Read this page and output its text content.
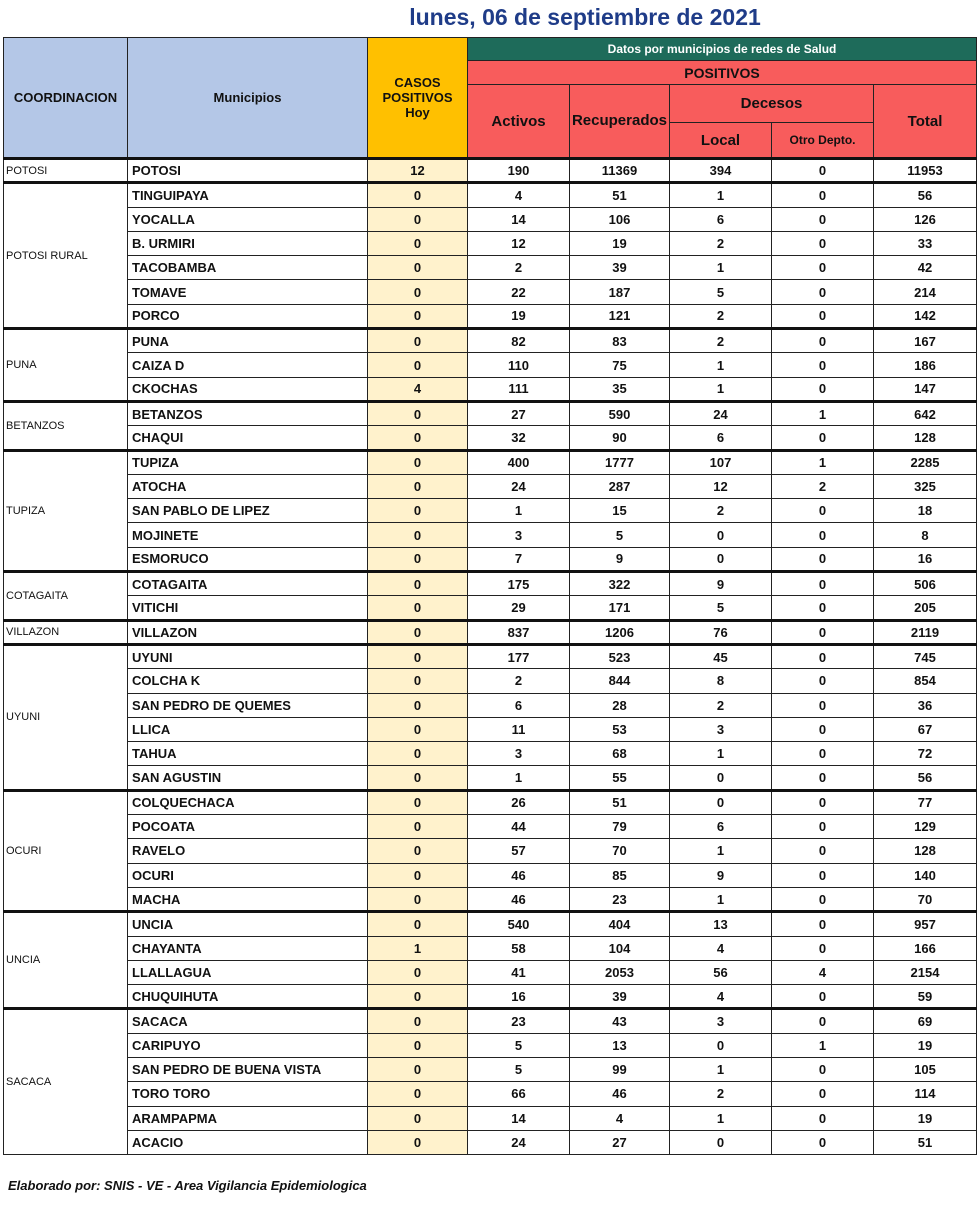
lunes, 06 de septiembre de 2021
COORDINACION	Municipios	CASOS POSITIVOS Hoy	Datos por municipios de redes de Salud				
			POSITIVOS				
			Activos	Recuperados	Decesos		Total
					Local	Otro Depto.	
POTOSI	POTOSI	12	190	11369	394	0	11953
POTOSI RURAL	TINGUIPAYA	0	4	51	1	0	56
	YOCALLA	0	14	106	6	0	126
	B. URMIRI	0	12	19	2	0	33
	TACOBAMBA	0	2	39	1	0	42
	TOMAVE	0	22	187	5	0	214
	PORCO	0	19	121	2	0	142
PUNA	PUNA	0	82	83	2	0	167
	CAIZA D	0	110	75	1	0	186
	CKOCHAS	4	111	35	1	0	147
BETANZOS	BETANZOS	0	27	590	24	1	642
	CHAQUI	0	32	90	6	0	128
TUPIZA	TUPIZA	0	400	1777	107	1	2285
	ATOCHA	0	24	287	12	2	325
	SAN PABLO DE LIPEZ	0	1	15	2	0	18
	MOJINETE	0	3	5	0	0	8
	ESMORUCO	0	7	9	0	0	16
COTAGAITA	COTAGAITA	0	175	322	9	0	506
	VITICHI	0	29	171	5	0	205
VILLAZON	VILLAZON	0	837	1206	76	0	2119
UYUNI	UYUNI	0	177	523	45	0	745
	COLCHA K	0	2	844	8	0	854
	SAN PEDRO DE QUEMES	0	6	28	2	0	36
	LLICA	0	11	53	3	0	67
	TAHUA	0	3	68	1	0	72
	SAN AGUSTIN	0	1	55	0	0	56
OCURI	COLQUECHACA	0	26	51	0	0	77
	POCOATA	0	44	79	6	0	129
	RAVELO	0	57	70	1	0	128
	OCURI	0	46	85	9	0	140
	MACHA	0	46	23	1	0	70
UNCIA	UNCIA	0	540	404	13	0	957
	CHAYANTA	1	58	104	4	0	166
	LLALLAGUA	0	41	2053	56	4	2154
	CHUQUIHUTA	0	16	39	4	0	59
SACACA	SACACA	0	23	43	3	0	69
	CARIPUYO	0	5	13	0	1	19
	SAN PEDRO DE BUENA VISTA	0	5	99	1	0	105
	TORO TORO	0	66	46	2	0	114
	ARAMPAPMA	0	14	4	1	0	19
	ACACIO	0	24	27	0	0	51
Elaborado por: SNIS - VE - Area Vigilancia Epidemiologica
